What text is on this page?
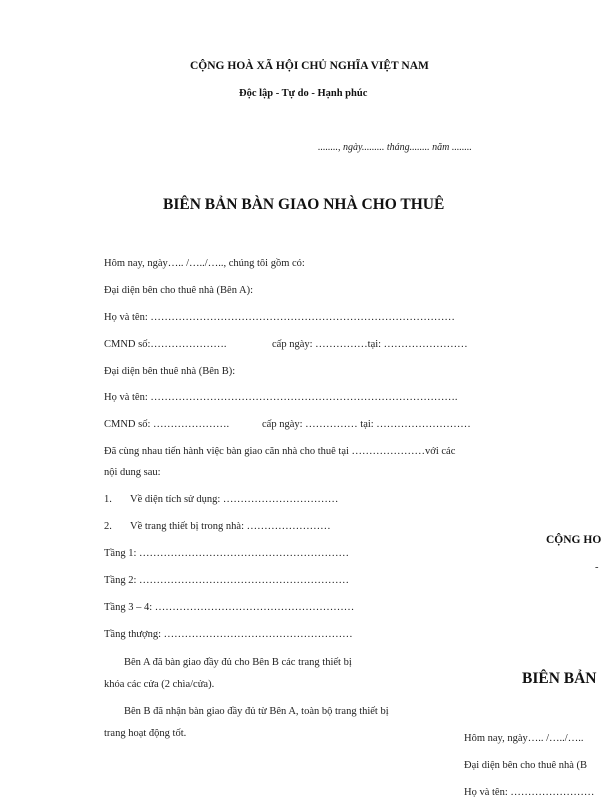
CỘNG HOÀ XÃ HỘI CHỦ NGHĨA VIỆT NAM
Độc lập - Tự do - Hạnh phúc
........, ngày......... tháng........ năm ........
BIÊN BẢN BÀN GIAO NHÀ CHO THUÊ
Hôm nay, ngày….. /…../….., chúng tôi gồm có:
Đại diện bên cho thuê nhà (Bên A):
Họ và tên: ……………………………………………………………………………
CMND số:………………….	cấp ngày: ……………tại: ……………………
Đại diện bên thuê nhà (Bên B):
Họ và tên: …………………………………………………………………………….
CMND số: ………………….	cấp ngày: …………… tại: ………………………
Đã cùng nhau tiến hành việc bàn giao căn nhà cho thuê tại …………………với các
nội dung sau:
1. Về diện tích sử dụng: ……………………………
2. Về trang thiết bị trong nhà: ……………………
Tầng 1: ……………………………………………………
Tầng 2: ……………………………………………………
Tầng 3 – 4: …………………………………………………
Tầng thượng: ………………………………………………
Bên A đã bàn giao đầy đủ cho Bên B các trang thiết bị
khóa các cửa (2 chìa/cửa).
Bên B đã nhận bàn giao đầy đủ từ Bên A, toàn bộ trang thiết bị
trang hoạt động tốt.
CỘNG HO
-
BIÊN BẢN
Hôm nay, ngày….. /…../…..
Đại diện bên cho thuê nhà (B
Họ và tên: ……………………
